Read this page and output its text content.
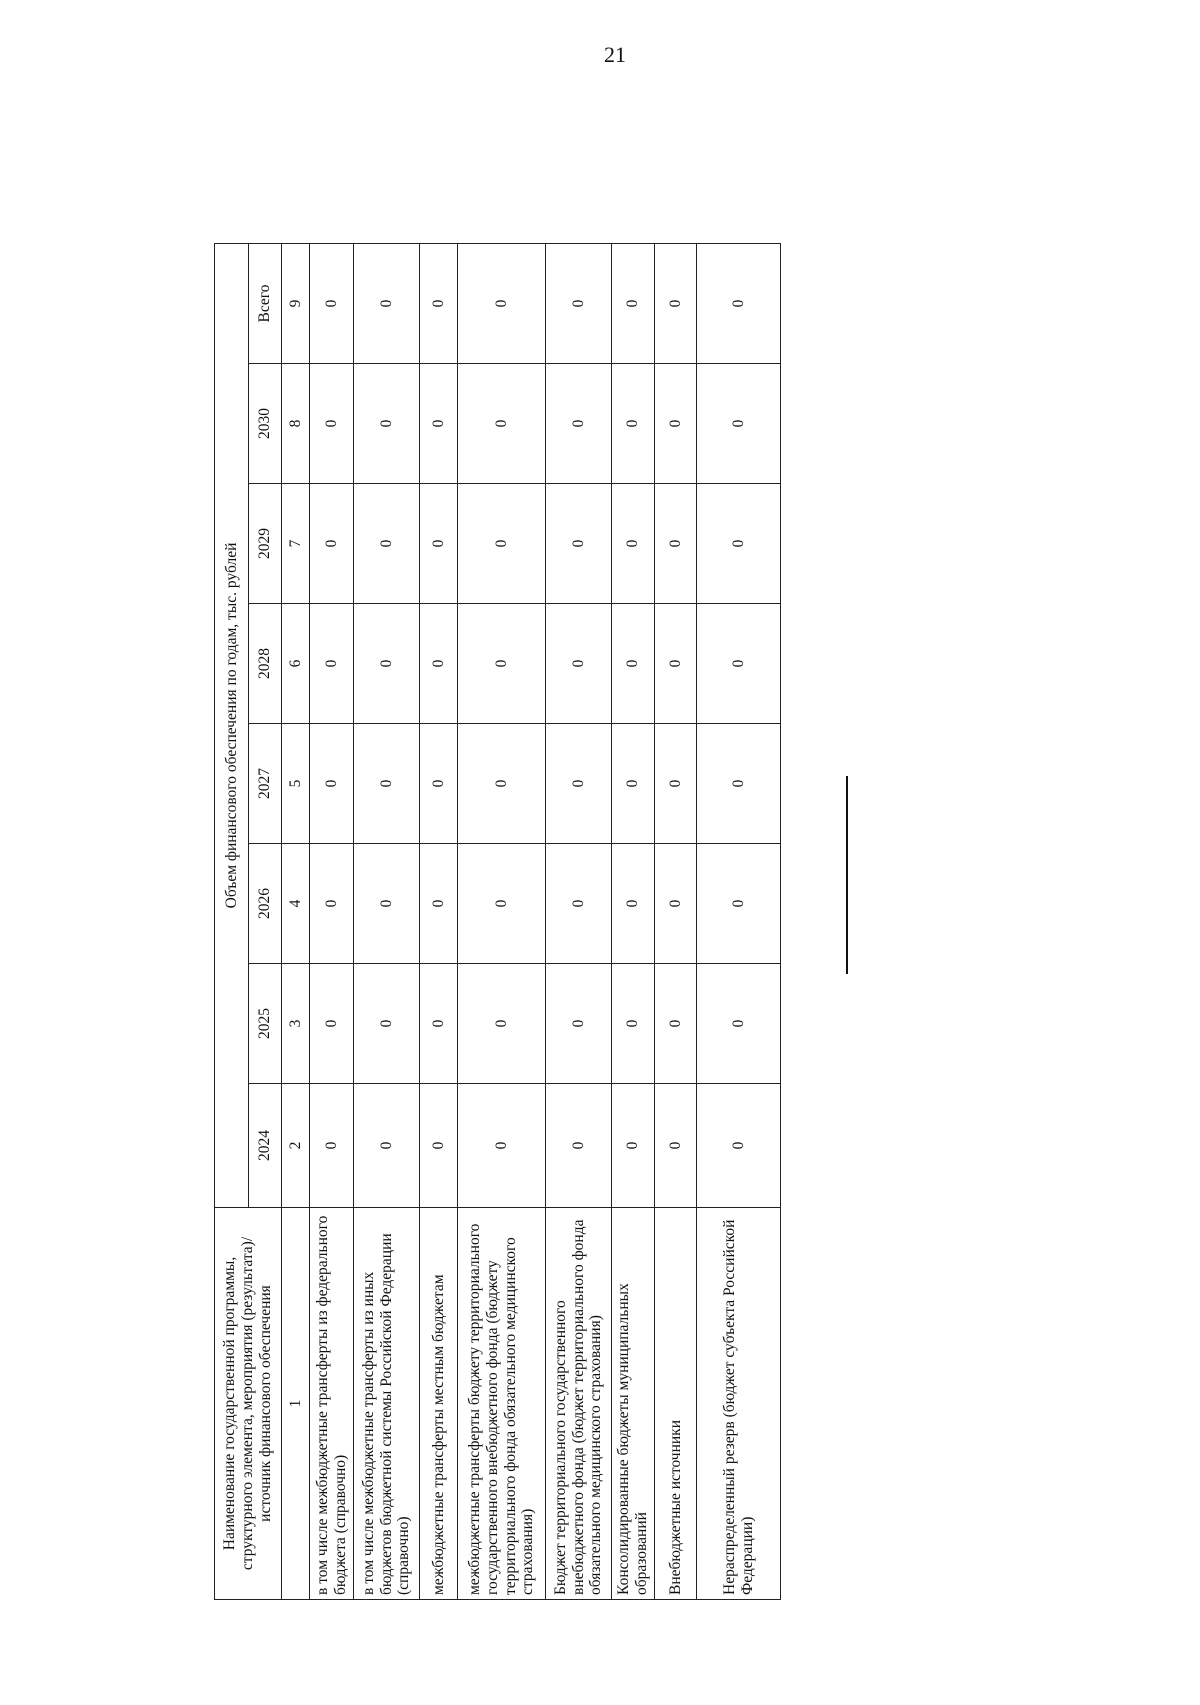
21
Наименование государственной программы, структурного элемента, мероприятия (результата)/источник финансового обеспечения	Объем финансового обеспечения по годам, тыс. рублей							
	2024	2025	2026	2027	2028	2029	2030	Всего
1	2	3	4	5	6	7	8	9
в том числе межбюджетные трансферты из федерального бюджета (справочно)	0	0	0	0	0	0	0	0
в том числе межбюджетные трансферты из иных бюджетов бюджетной системы Российской Федерации (справочно)	0	0	0	0	0	0	0	0
межбюджетные трансферты местным бюджетам	0	0	0	0	0	0	0	0
межбюджетные трансферты бюджету территориального государственного внебюджетного фонда (бюджету территориального фонда обязательного медицинского страхования)	0	0	0	0	0	0	0	0
Бюджет территориального государственного внебюджетного фонда (бюджет территориального фонда обязательного медицинского страхования)	0	0	0	0	0	0	0	0
Консолидированные бюджеты муниципальных образований	0	0	0	0	0	0	0	0
Внебюджетные источники	0	0	0	0	0	0	0	0
Нераспределенный резерв (бюджет субъекта Российской Федерации)	0	0	0	0	0	0	0	0
